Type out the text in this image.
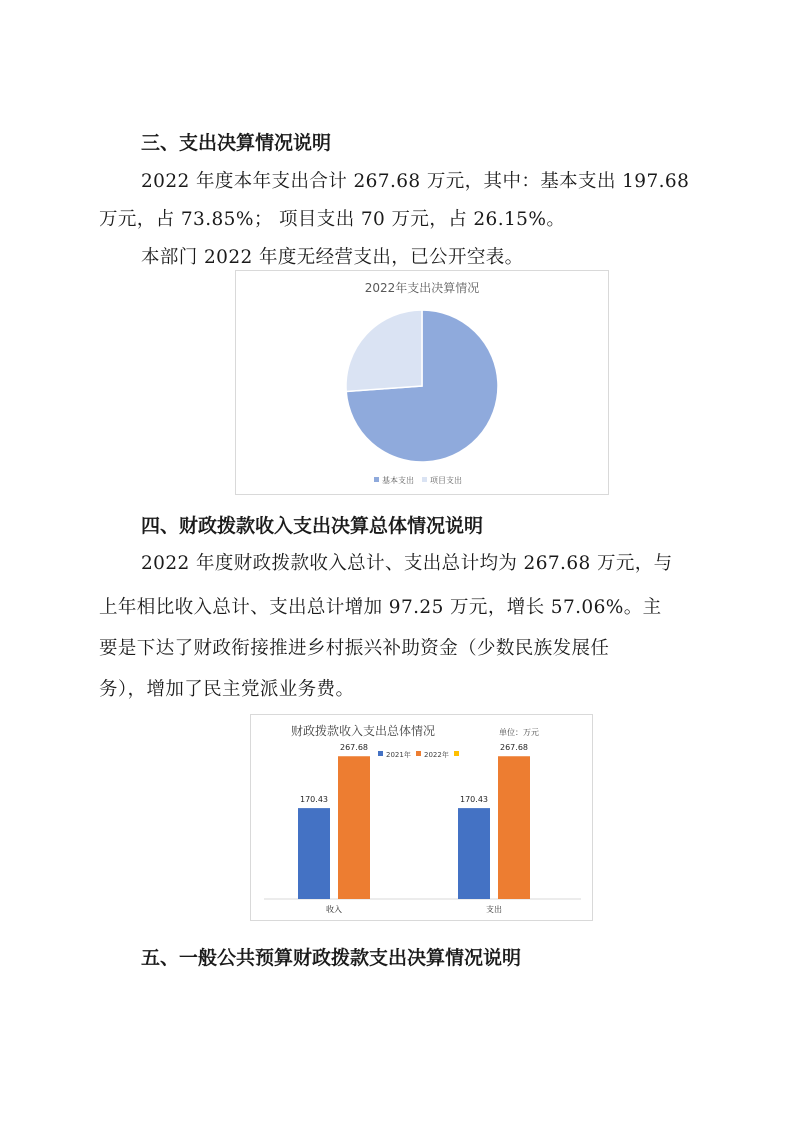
三、支出决算情况说明
2022 年度本年支出合计 267.68 万元，其中：基本支出 197.68
万元，占 73.85%； 项目支出 70 万元，占 26.15%。
本部门 2022 年度无经营支出，已公开空表。
2022年支出决算情况
基本支出 项目支出
四、财政拨款收入支出决算总体情况说明
2022 年度财政拨款收入总计、支出总计均为 267.68 万元，与
上年相比收入总计、支出总计增加 97.25 万元，增长 57.06%。主
要是下达了财政衔接推进乡村振兴补助资金（少数民族发展任
务），增加了民主党派业务费。
财政拨款收入支出总体情况	单位：万元
2021年 2022年
170.43
267.68
170.43
267.68
收入	支出
五、一般公共预算财政拨款支出决算情况说明
